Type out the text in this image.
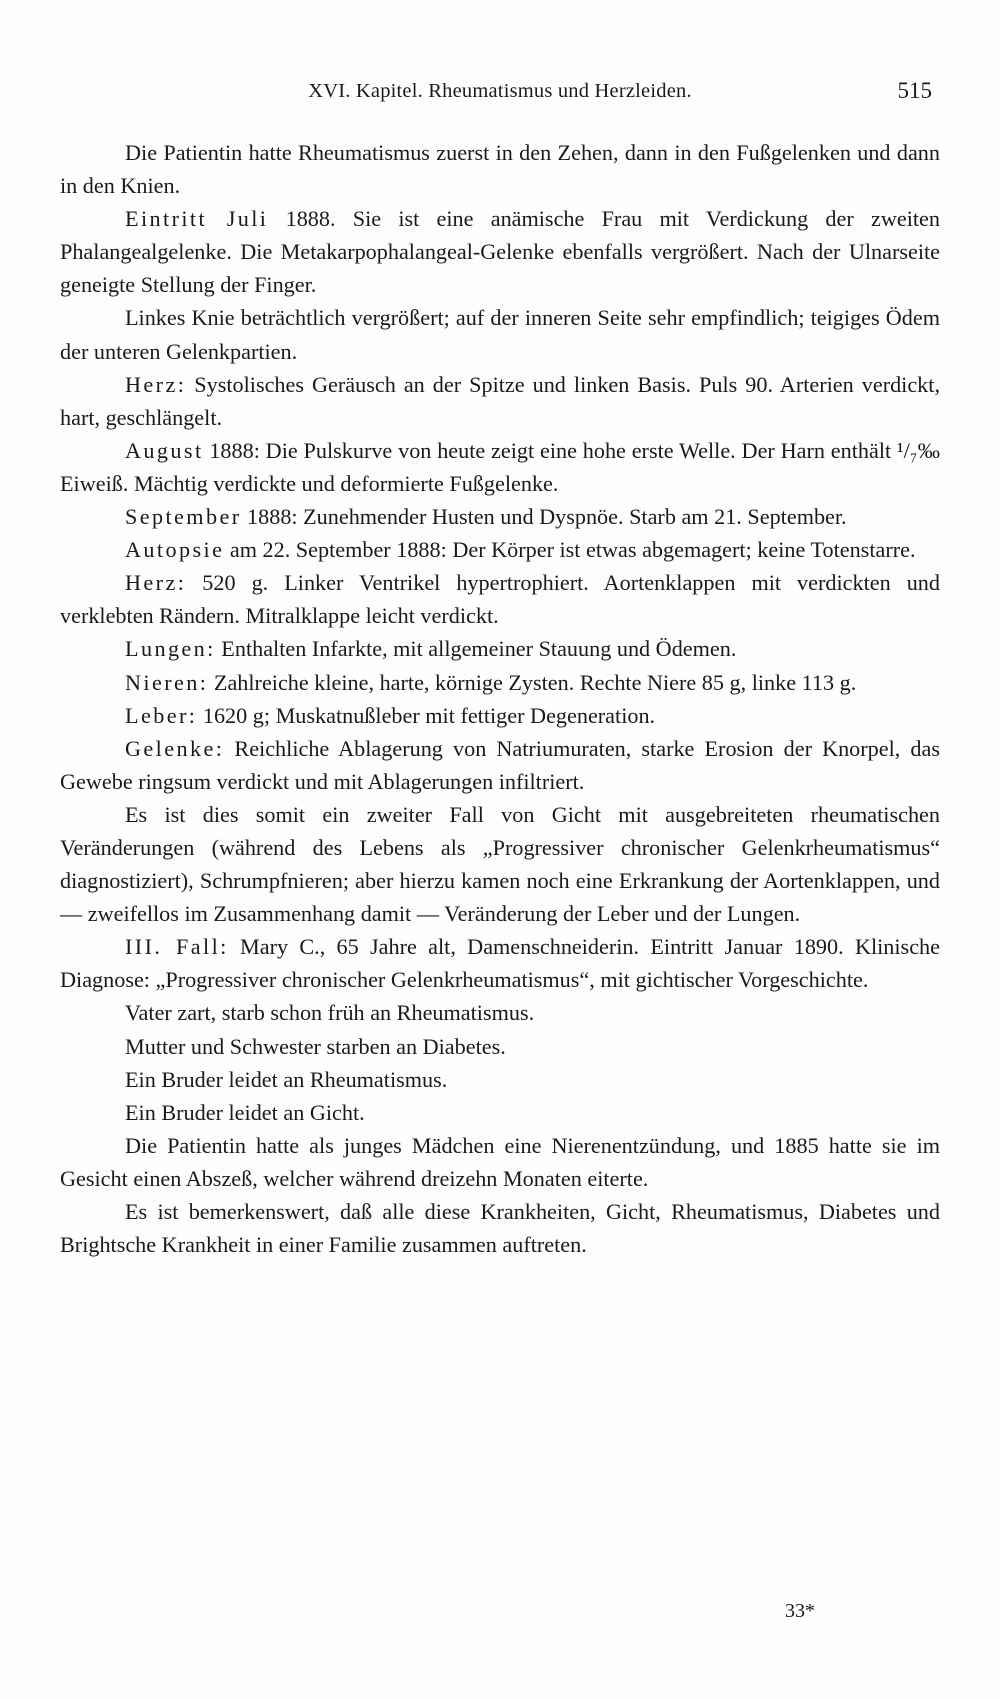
XVI. Kapitel. Rheumatismus und Herzleiden.	515

Die Patientin hatte Rheumatismus zuerst in den Zehen, dann in den Fußgelenken und dann in den Knien.

Eintritt Juli 1888. Sie ist eine anämische Frau mit Verdickung der zweiten Phalangealgelenke. Die Metakarpophalangeal-Gelenke ebenfalls vergrößert. Nach der Ulnarseite geneigte Stellung der Finger.

Linkes Knie beträchtlich vergrößert; auf der inneren Seite sehr empfindlich; teigiges Ödem der unteren Gelenkpartien.

Herz: Systolisches Geräusch an der Spitze und linken Basis. Puls 90. Arterien verdickt, hart, geschlängelt.

August 1888: Die Pulskurve von heute zeigt eine hohe erste Welle. Der Harn enthält ¹/₇‰ Eiweiß. Mächtig verdickte und deformierte Fußgelenke.

September 1888: Zunehmender Husten und Dyspnöe. Starb am 21. September.

Autopsie am 22. September 1888: Der Körper ist etwas abgemagert; keine Totenstarre.

Herz: 520 g. Linker Ventrikel hypertrophiert. Aortenklappen mit verdickten und verklebten Rändern. Mitralklappe leicht verdickt.

Lungen: Enthalten Infarkte, mit allgemeiner Stauung und Ödemen.

Nieren: Zahlreiche kleine, harte, körnige Zysten. Rechte Niere 85 g, linke 113 g.

Leber: 1620 g; Muskatnußleber mit fettiger Degeneration.

Gelenke: Reichliche Ablagerung von Natriumuraten, starke Erosion der Knorpel, das Gewebe ringsum verdickt und mit Ablagerungen infiltriert.

Es ist dies somit ein zweiter Fall von Gicht mit ausgebreiteten rheumatischen Veränderungen (während des Lebens als „Progressiver chronischer Gelenkrheumatismus“ diagnostiziert), Schrumpfnieren; aber hierzu kamen noch eine Erkrankung der Aortenklappen, und — zweifellos im Zusammenhang damit — Veränderung der Leber und der Lungen.

III. Fall: Mary C., 65 Jahre alt, Damenschneiderin. Eintritt Januar 1890. Klinische Diagnose: „Progressiver chronischer Gelenkrheumatismus“, mit gichtischer Vorgeschichte.

Vater zart, starb schon früh an Rheumatismus.

Mutter und Schwester starben an Diabetes.

Ein Bruder leidet an Rheumatismus.

Ein Bruder leidet an Gicht.

Die Patientin hatte als junges Mädchen eine Nierenentzündung, und 1885 hatte sie im Gesicht einen Abszeß, welcher während dreizehn Monaten eiterte.

Es ist bemerkenswert, daß alle diese Krankheiten, Gicht, Rheumatismus, Diabetes und Brightsche Krankheit in einer Familie zusammen auftreten.

33*
